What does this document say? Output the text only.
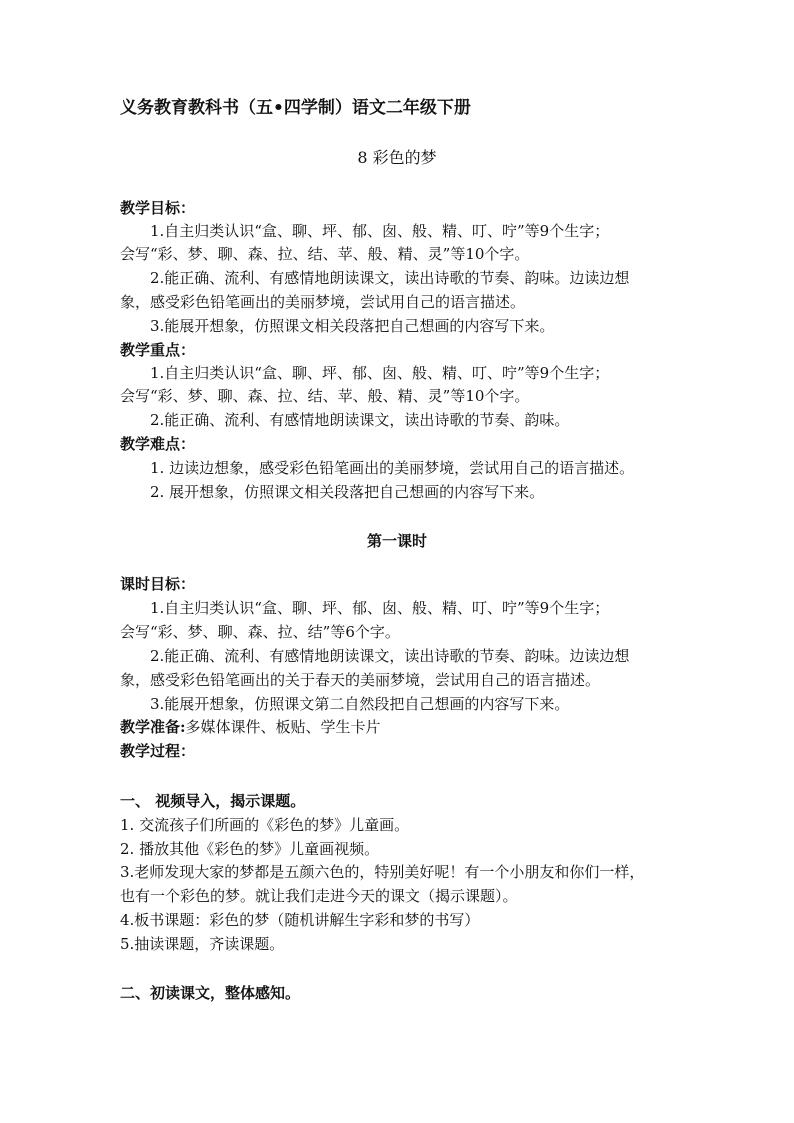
义务教育教科书（五•四学制）语文二年级下册
8 彩色的梦
教学目标：
1.自主归类认识“盒、聊、坪、郁、囱、般、精、叮、咛”等9个生字；
会写“彩、梦、聊、森、拉、结、苹、般、精、灵”等10个字。
2.能正确、流利、有感情地朗读课文，读出诗歌的节奏、韵味。边读边想
象，感受彩色铅笔画出的美丽梦境，尝试用自己的语言描述。
3.能展开想象，仿照课文相关段落把自己想画的内容写下来。
教学重点：
1.自主归类认识“盒、聊、坪、郁、囱、般、精、叮、咛”等9个生字；
会写“彩、梦、聊、森、拉、结、苹、般、精、灵”等10个字。
2.能正确、流利、有感情地朗读课文，读出诗歌的节奏、韵味。
教学难点：
1. 边读边想象，感受彩色铅笔画出的美丽梦境，尝试用自己的语言描述。
2. 展开想象，仿照课文相关段落把自己想画的内容写下来。
第一课时
课时目标：
1.自主归类认识“盒、聊、坪、郁、囱、般、精、叮、咛”等9个生字；
会写“彩、梦、聊、森、拉、结”等6个字。
2.能正确、流利、有感情地朗读课文，读出诗歌的节奏、韵味。边读边想
象，感受彩色铅笔画出的关于春天的美丽梦境，尝试用自己的语言描述。
3.能展开想象，仿照课文第二自然段把自己想画的内容写下来。
教学准备:多媒体课件、板贴、学生卡片
教学过程：
一、 视频导入，揭示课题。
1. 交流孩子们所画的《彩色的梦》儿童画。
2. 播放其他《彩色的梦》儿童画视频。
3.老师发现大家的梦都是五颜六色的，特别美好呢！有一个小朋友和你们一样，
也有一个彩色的梦。就让我们走进今天的课文（揭示课题）。
4.板书课题：彩色的梦（随机讲解生字彩和梦的书写）
5.抽读课题，齐读课题。
二、初读课文，整体感知。
